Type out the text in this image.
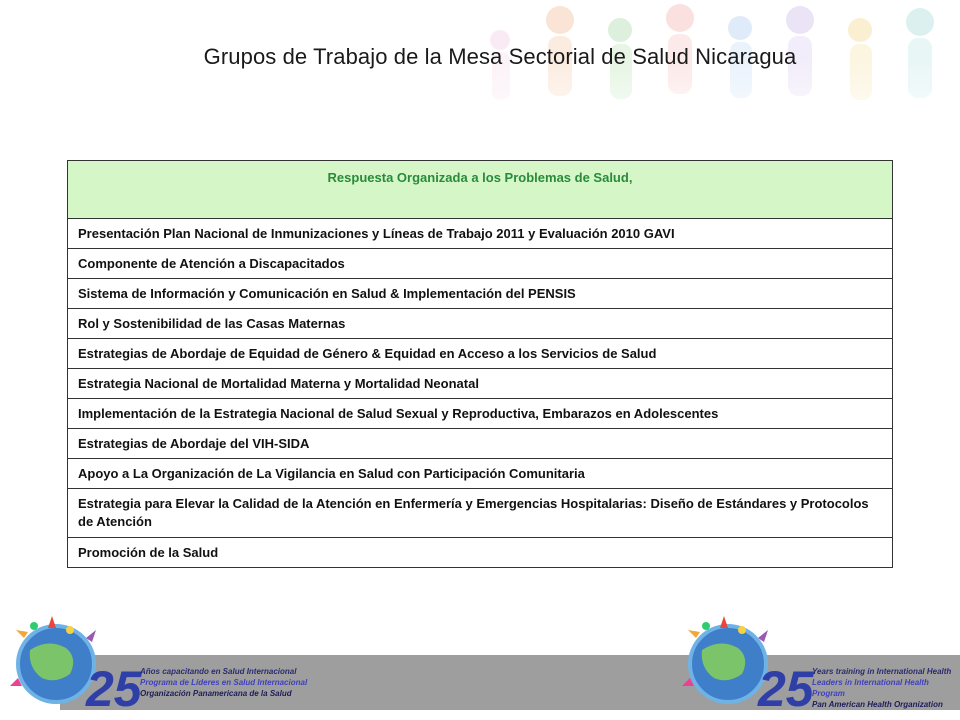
Grupos de Trabajo de la Mesa Sectorial de Salud Nicaragua
Respuesta Organizada a los Problemas de Salud,
Presentación Plan Nacional de Inmunizaciones y Líneas de Trabajo 2011 y Evaluación 2010 GAVI
Componente de Atención a Discapacitados
Sistema de Información y Comunicación en Salud & Implementación del PENSIS
Rol y Sostenibilidad de las Casas Maternas
Estrategias de Abordaje de Equidad de Género & Equidad en Acceso a los Servicios de Salud
Estrategia Nacional de Mortalidad Materna y Mortalidad Neonatal
Implementación de la Estrategia Nacional de Salud Sexual y Reproductiva, Embarazos en Adolescentes
Estrategias de Abordaje del VIH-SIDA
Apoyo a La Organización de La Vigilancia en Salud con Participación Comunitaria
Estrategia para Elevar la Calidad de la Atención en Enfermería y Emergencias Hospitalarias: Diseño de Estándares y Protocolos de Atención
Promoción de la Salud
25
Años capacitando en Salud Internacional
Programa de Líderes en Salud Internacional
Organización Panamericana de la Salud	25
Years training in International Health
Leaders in International Health Program
Pan American Health Organization
